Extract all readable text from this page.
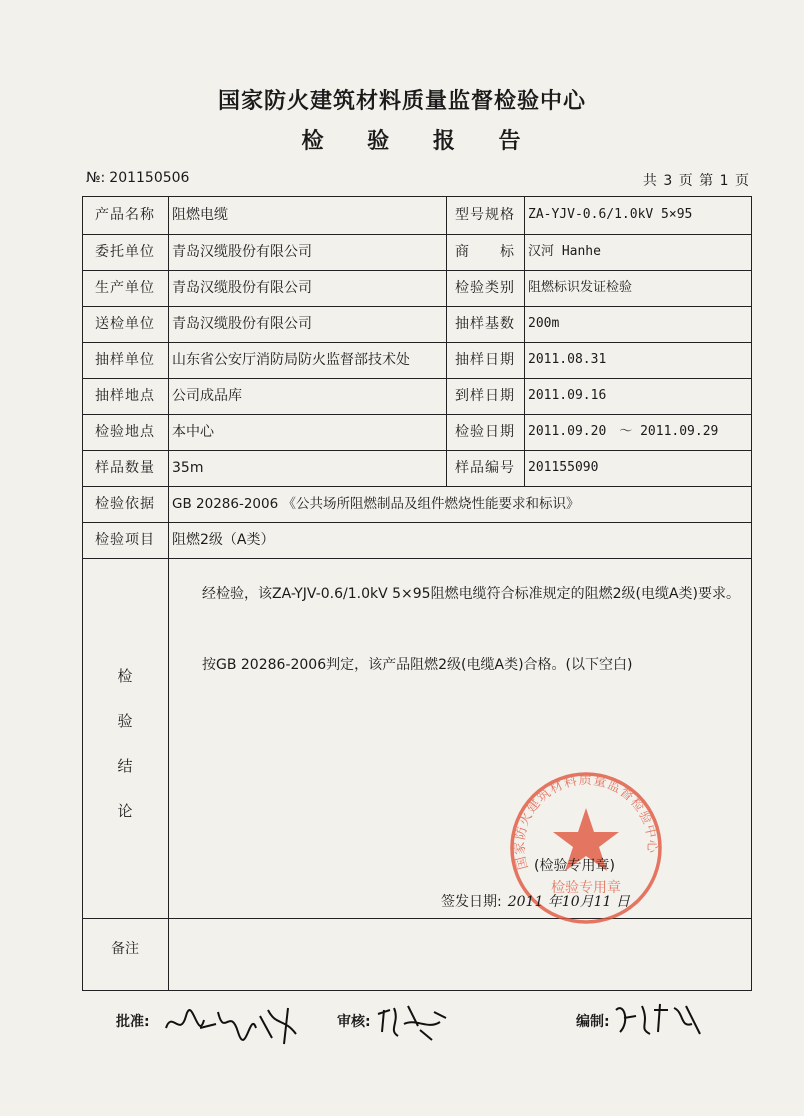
国家防火建筑材料质量监督检验中心
检 验 报 告
№: 201150506	共 3 页 第 1 页
产品名称	阻燃电缆	型号规格	ZA-YJV-0.6/1.0kV 5×95
委托单位	青岛汉缆股份有限公司	商　　标	汉河 Hanhe
生产单位	青岛汉缆股份有限公司	检验类别	阻燃标识发证检验
送检单位	青岛汉缆股份有限公司	抽样基数	200m
抽样单位	山东省公安厅消防局防火监督部技术处	抽样日期	2011.08.31
抽样地点	公司成品库	到样日期	2011.09.16
检验地点	本中心	检验日期	2011.09.20　～ 2011.09.29
样品数量	35m	样品编号	201155090
检验依据	GB 20286-2006 《公共场所阻燃制品及组件燃烧性能要求和标识》
检验项目	阻燃2级（A类）
检
验
结
论
经检验，该ZA-YJV-0.6/1.0kV 5×95阻燃电缆符合标准规定的阻燃2级(电缆A类)要求。
按GB 20286-2006判定，该产品阻燃2级(电缆A类)合格。(以下空白)
国家防火建筑材料质量监督检验中心
检验专用章
(检验专用章)
签发日期: 2011 年10月11 日
备注
批准:	审核:	编制:
